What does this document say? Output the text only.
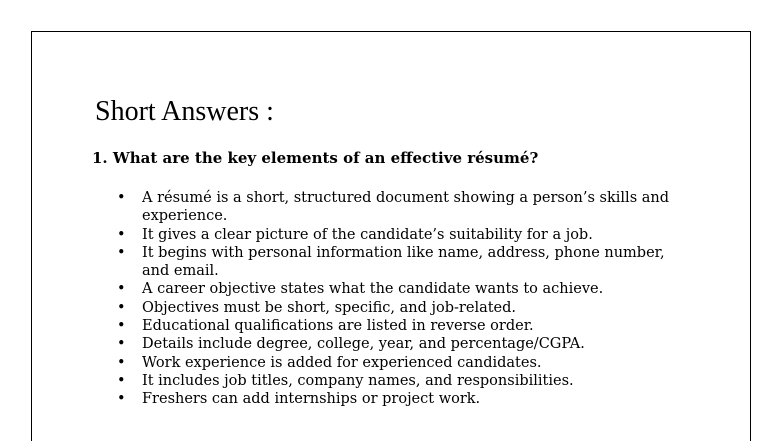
Short Answers :

1. What are the key elements of an effective résumé?

• A résumé is a short, structured document showing a person’s skills and experience.
• It gives a clear picture of the candidate’s suitability for a job.
• It begins with personal information like name, address, phone number, and email.
• A career objective states what the candidate wants to achieve.
• Objectives must be short, specific, and job-related.
• Educational qualifications are listed in reverse order.
• Details include degree, college, year, and percentage/CGPA.
• Work experience is added for experienced candidates.
• It includes job titles, company names, and responsibilities.
• Freshers can add internships or project work.
